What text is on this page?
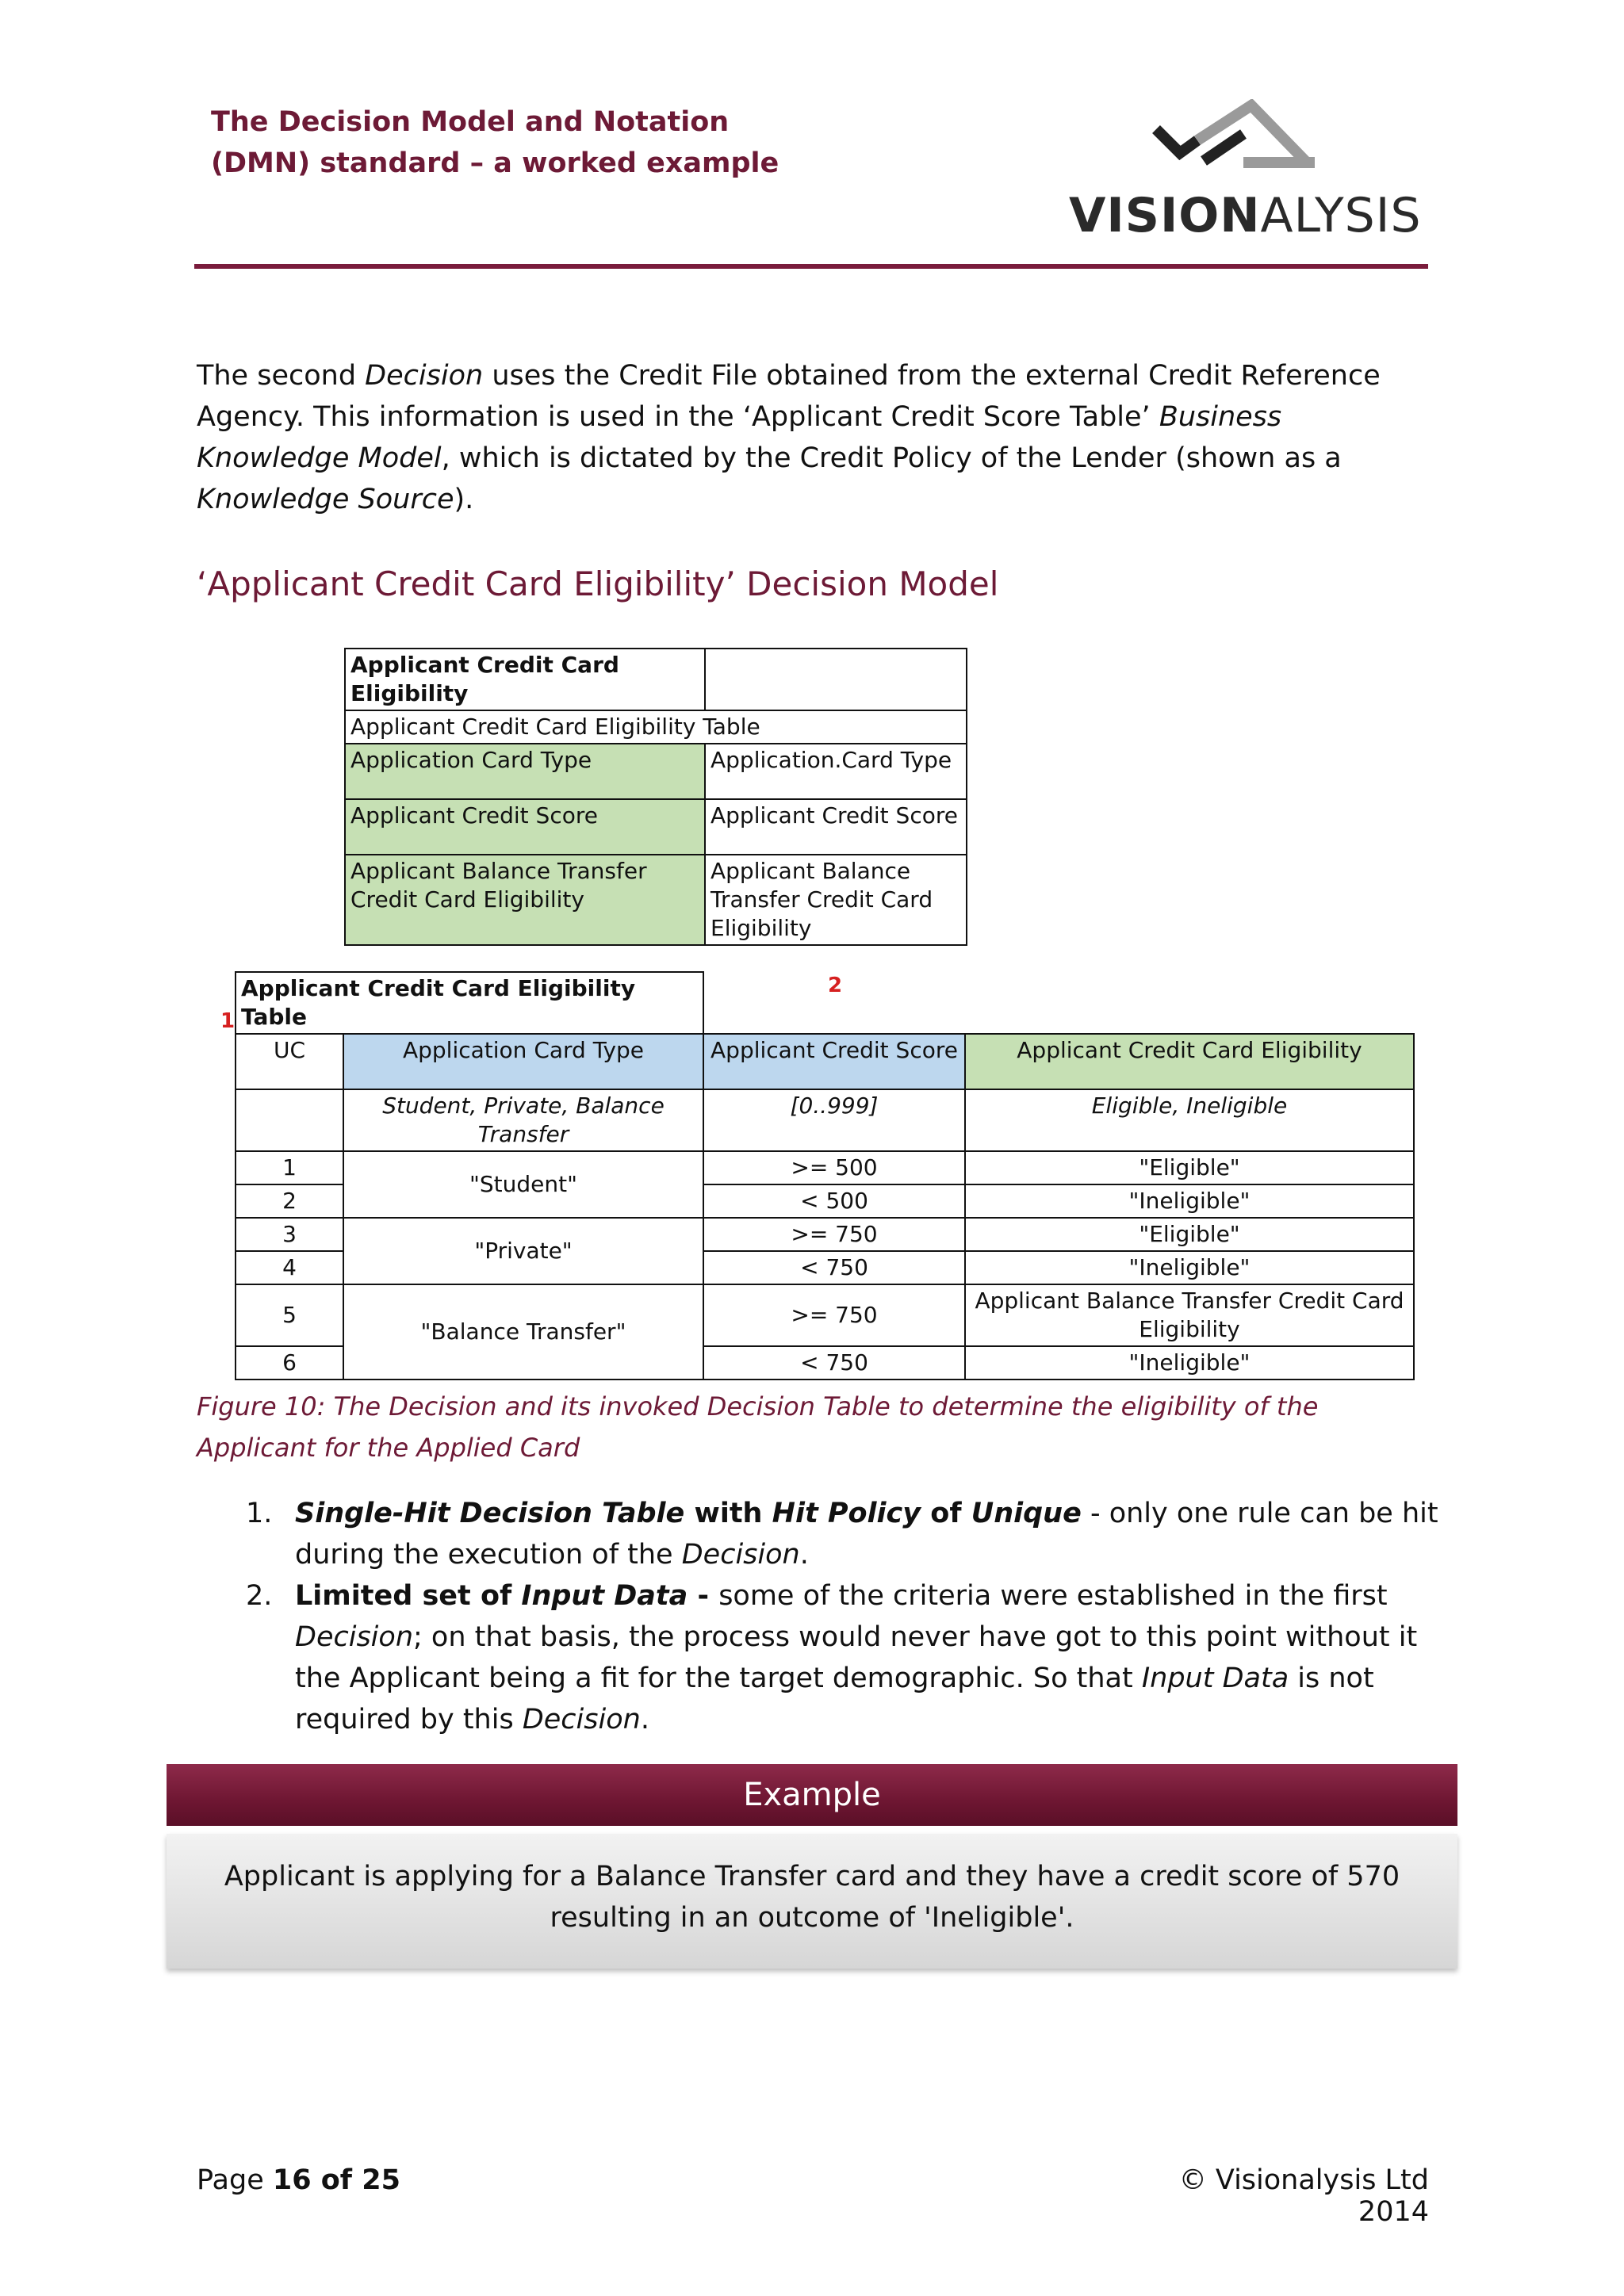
The Decision Model and Notation
(DMN) standard – a worked example
VISIONALYSIS
The second Decision uses the Credit File obtained from the external Credit Reference Agency. This information is used in the ‘Applicant Credit Score Table’ Business Knowledge Model, which is dictated by the Credit Policy of the Lender (shown as a Knowledge Source).
‘Applicant Credit Card Eligibility’ Decision Model
Applicant Credit Card Eligibility	
Applicant Credit Card Eligibility Table	
Application Card Type	Application.Card Type
Applicant Credit Score	Applicant Credit Score
Applicant Balance Transfer Credit Card Eligibility	Applicant Balance Transfer Credit Card Eligibility
1
2
Applicant Credit Card Eligibility Table			
UC	Application Card Type	Applicant Credit Score	Applicant Credit Card Eligibility
	Student, Private, Balance Transfer	[0..999]	Eligible, Ineligible
1	"Student"	>= 500	"Eligible"
2		< 500	"Ineligible"
3	"Private"	>= 750	"Eligible"
4		< 750	"Ineligible"
5	"Balance Transfer"	>= 750	Applicant Balance Transfer Credit Card Eligibility
6		< 750	"Ineligible"
Figure 10: The Decision and its invoked Decision Table to determine the eligibility of the Applicant for the Applied Card
1. Single-Hit Decision Table with Hit Policy of Unique - only one rule can be hit during the execution of the Decision.
2. Limited set of Input Data - some of the criteria were established in the first Decision; on that basis, the process would never have got to this point without it the Applicant being a fit for the target demographic. So that Input Data is not required by this Decision.
Example
Applicant is applying for a Balance Transfer card and they have a credit score of 570 resulting in an outcome of 'Ineligible'.
Page 16 of 25	© Visionalysis Ltd 2014
